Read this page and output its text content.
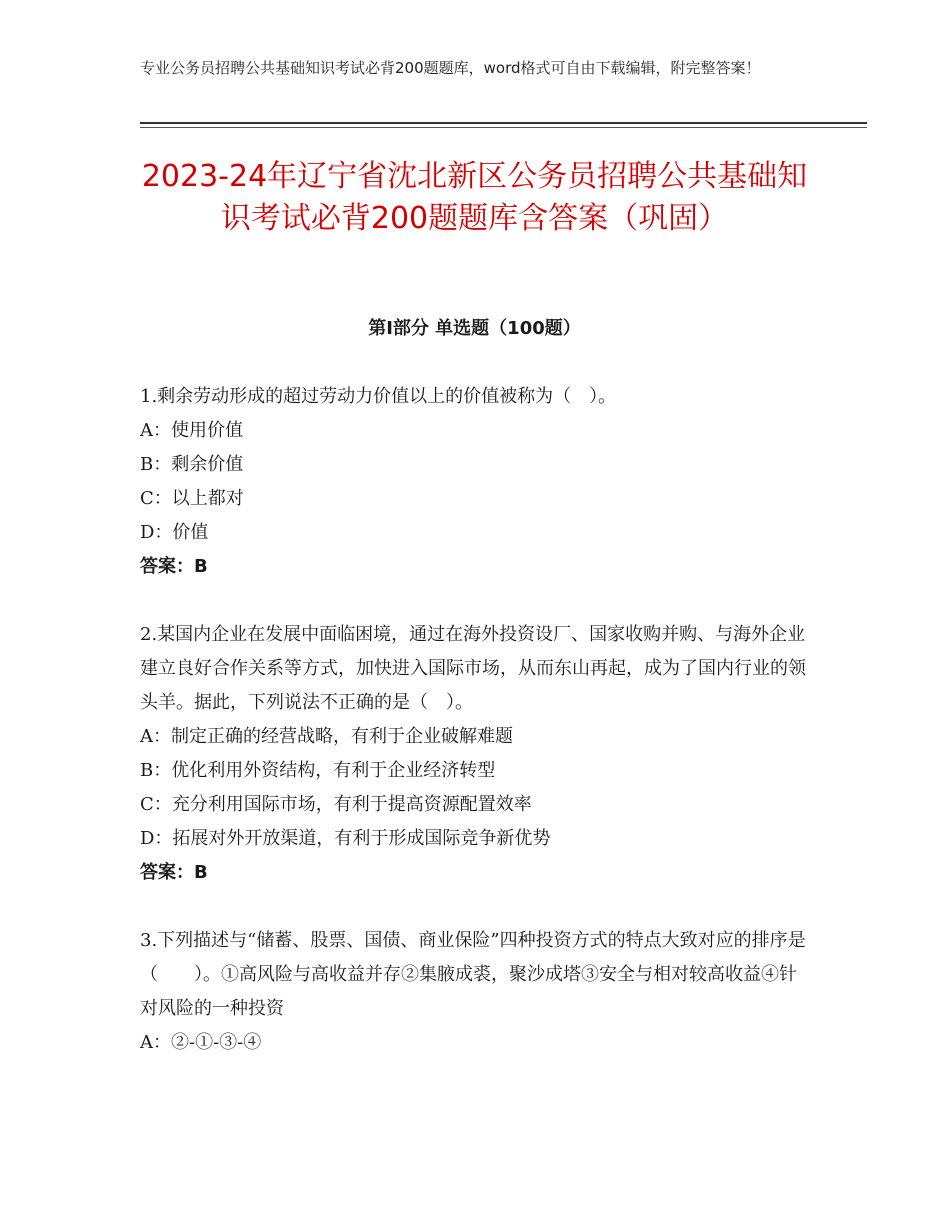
专业公务员招聘公共基础知识考试必背200题题库，word格式可自由下载编辑，附完整答案！
2023-24年辽宁省沈北新区公务员招聘公共基础知识考试必背200题题库含答案（巩固）
第Ⅰ部分 单选题（100题）

1.剩余劳动形成的超过劳动力价值以上的价值被称为（　）。

A：使用价值

B：剩余价值

C：以上都对

D：价值

答案：B

2.某国内企业在发展中面临困境，通过在海外投资设厂、国家收购并购、与海外企业建立良好合作关系等方式，加快进入国际市场，从而东山再起，成为了国内行业的领头羊。据此，下列说法不正确的是（　）。

A：制定正确的经营战略，有利于企业破解难题

B：优化利用外资结构，有利于企业经济转型

C：充分利用国际市场，有利于提高资源配置效率

D：拓展对外开放渠道，有利于形成国际竞争新优势

答案：B

3.下列描述与“储蓄、股票、国债、商业保险”四种投资方式的特点大致对应的排序是（　　）。①高风险与高收益并存②集腋成裘，聚沙成塔③安全与相对较高收益④针对风险的一种投资

A：②-①-③-④
